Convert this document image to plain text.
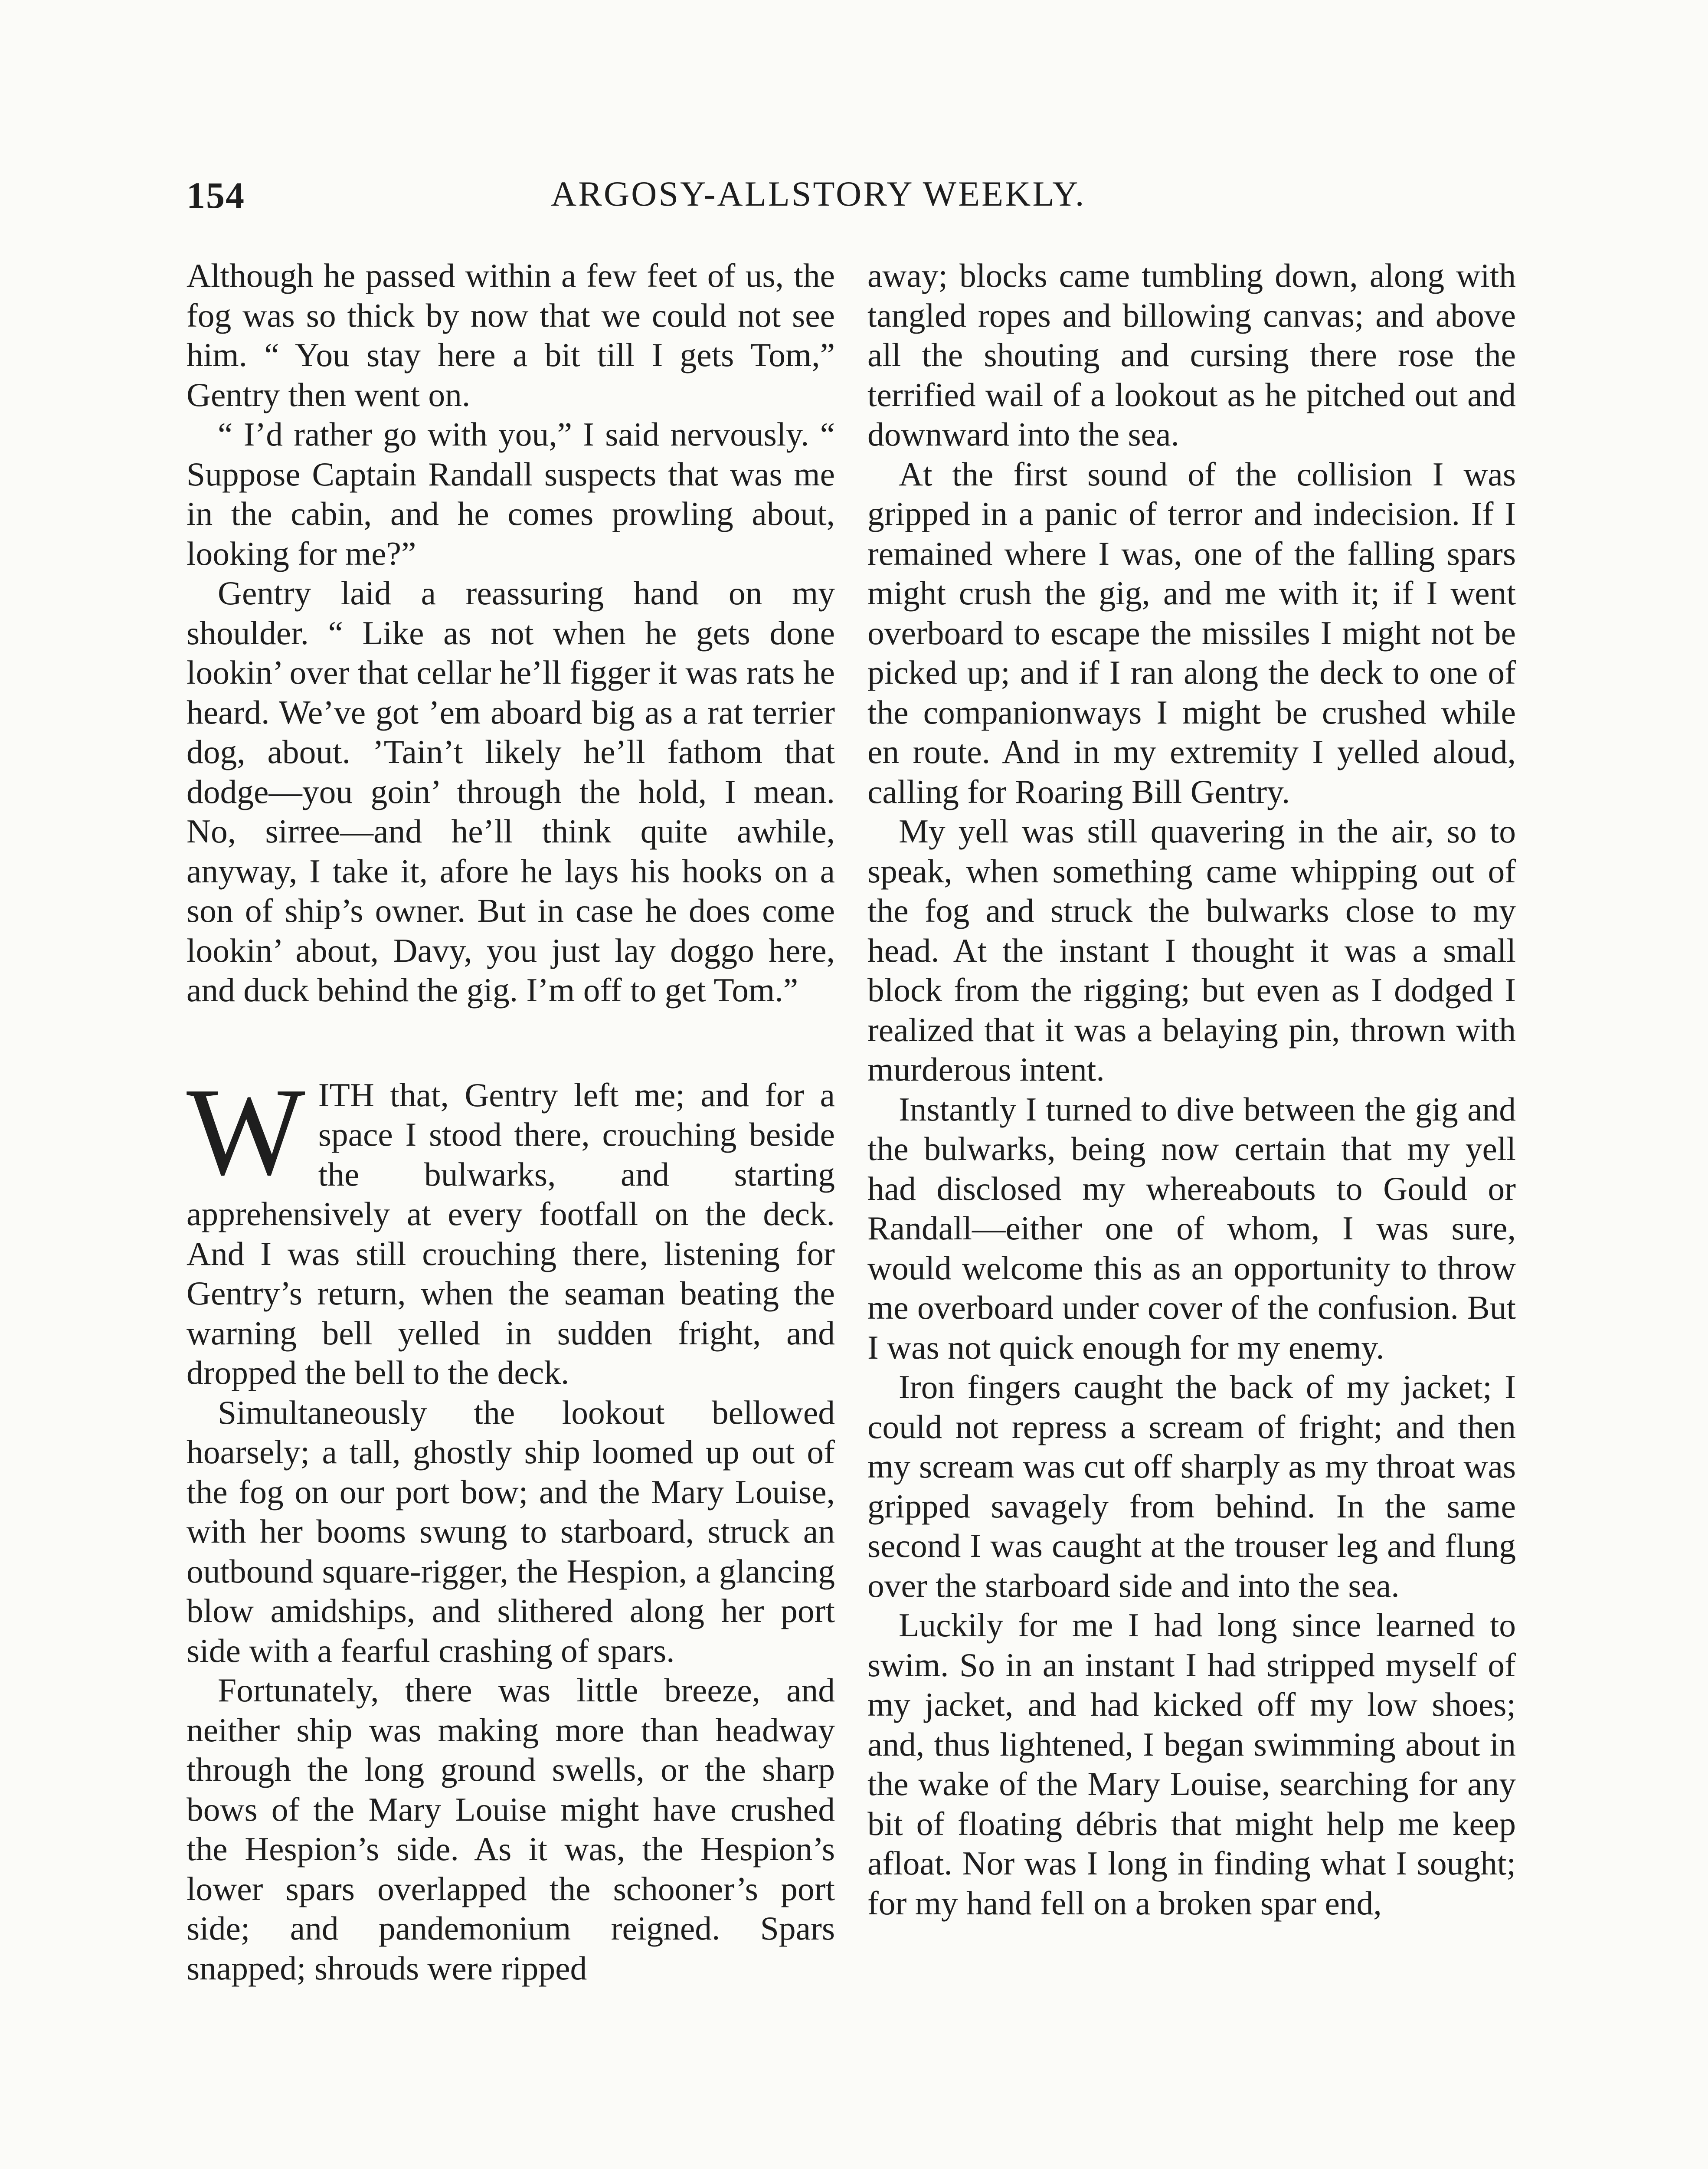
154	ARGOSY-ALLSTORY WEEKLY.

Although he passed within a few feet of us, the fog was so thick by now that we could not see him. “ You stay here a bit till I gets Tom,” Gentry then went on.

“ I’d rather go with you,” I said nervously. “ Suppose Captain Randall suspects that was me in the cabin, and he comes prowling about, looking for me?”

Gentry laid a reassuring hand on my shoulder. “ Like as not when he gets done lookin’ over that cellar he’ll figger it was rats he heard. We’ve got ’em aboard big as a rat terrier dog, about. ’Tain’t likely he’ll fathom that dodge—you goin’ through the hold, I mean. No, sirree—and he’ll think quite awhile, anyway, I take it, afore he lays his hooks on a son of ship’s owner. But in case he does come lookin’ about, Davy, you just lay doggo here, and duck behind the gig. I’m off to get Tom.”

WITH that, Gentry left me; and for a space I stood there, crouching beside the bulwarks, and starting apprehensively at every footfall on the deck. And I was still crouching there, listening for Gentry’s return, when the seaman beating the warning bell yelled in sudden fright, and dropped the bell to the deck.

Simultaneously the lookout bellowed hoarsely; a tall, ghostly ship loomed up out of the fog on our port bow; and the Mary Louise, with her booms swung to starboard, struck an outbound square-rigger, the Hespion, a glancing blow amidships, and slithered along her port side with a fearful crashing of spars.

Fortunately, there was little breeze, and neither ship was making more than headway through the long ground swells, or the sharp bows of the Mary Louise might have crushed the Hespion’s side. As it was, the Hespion’s lower spars overlapped the schooner’s port side; and pandemonium reigned. Spars snapped; shrouds were ripped

away; blocks came tumbling down, along with tangled ropes and billowing canvas; and above all the shouting and cursing there rose the terrified wail of a lookout as he pitched out and downward into the sea.

At the first sound of the collision I was gripped in a panic of terror and indecision. If I remained where I was, one of the falling spars might crush the gig, and me with it; if I went overboard to escape the missiles I might not be picked up; and if I ran along the deck to one of the companionways I might be crushed while en route. And in my extremity I yelled aloud, calling for Roaring Bill Gentry.

My yell was still quavering in the air, so to speak, when something came whipping out of the fog and struck the bulwarks close to my head. At the instant I thought it was a small block from the rigging; but even as I dodged I realized that it was a belaying pin, thrown with murderous intent.

Instantly I turned to dive between the gig and the bulwarks, being now certain that my yell had disclosed my whereabouts to Gould or Randall—either one of whom, I was sure, would welcome this as an opportunity to throw me overboard under cover of the confusion. But I was not quick enough for my enemy.

Iron fingers caught the back of my jacket; I could not repress a scream of fright; and then my scream was cut off sharply as my throat was gripped savagely from behind. In the same second I was caught at the trouser leg and flung over the starboard side and into the sea.

Luckily for me I had long since learned to swim. So in an instant I had stripped myself of my jacket, and had kicked off my low shoes; and, thus lightened, I began swimming about in the wake of the Mary Louise, searching for any bit of floating débris that might help me keep afloat. Nor was I long in finding what I sought; for my hand fell on a broken spar end,
